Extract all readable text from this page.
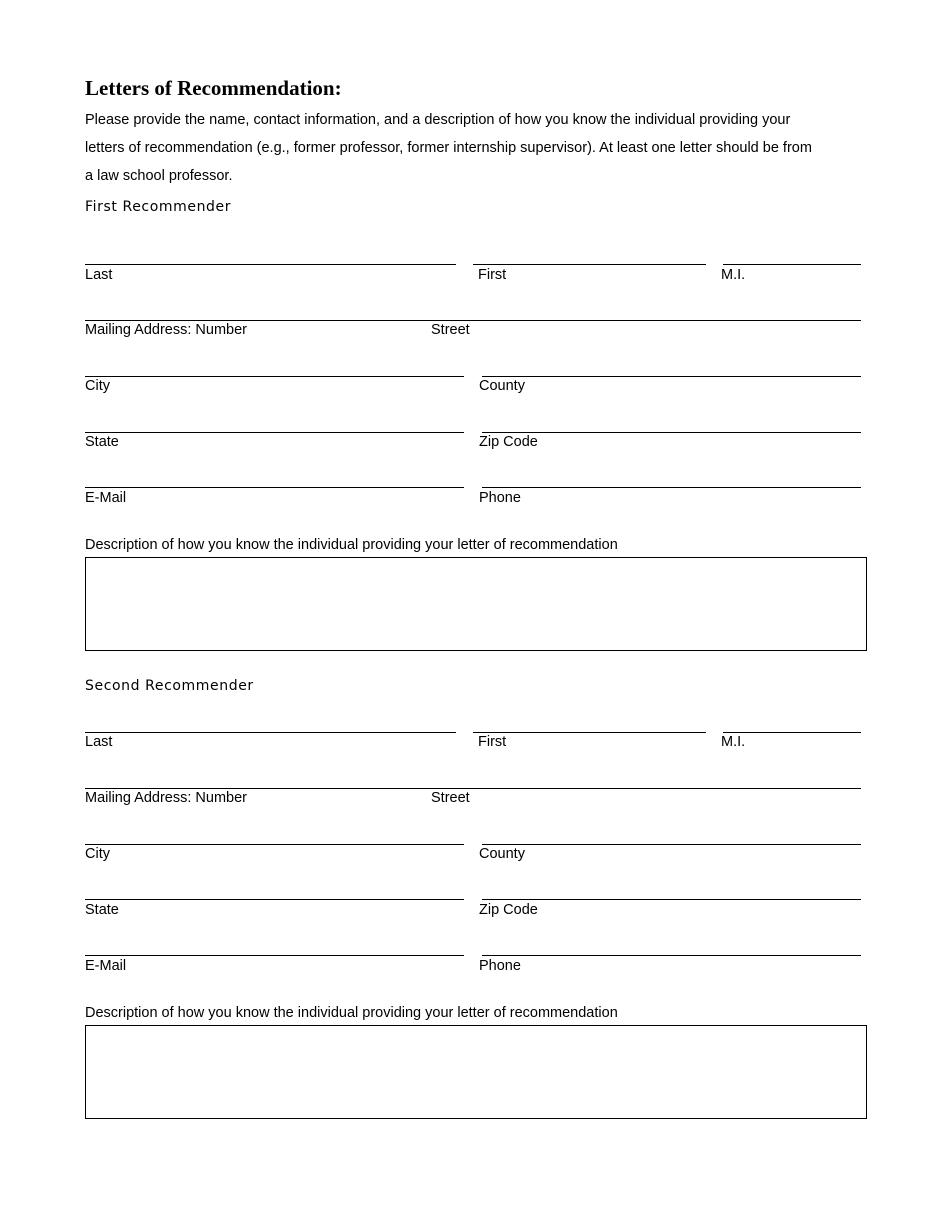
Letters of Recommendation:
Please provide the name, contact information, and a description of how you know the individual providing your
letters of recommendation (e.g., former professor, former internship supervisor). At least one letter should be from
a law school professor.
First Recommender
Last	First	M.I.
Mailing Address: Number	Street
City	County
State	Zip Code
E-Mail	Phone
Description of how you know the individual providing your letter of recommendation
Second Recommender
Last	First	M.I.
Mailing Address: Number	Street
City	County
State	Zip Code
E-Mail	Phone
Description of how you know the individual providing your letter of recommendation
